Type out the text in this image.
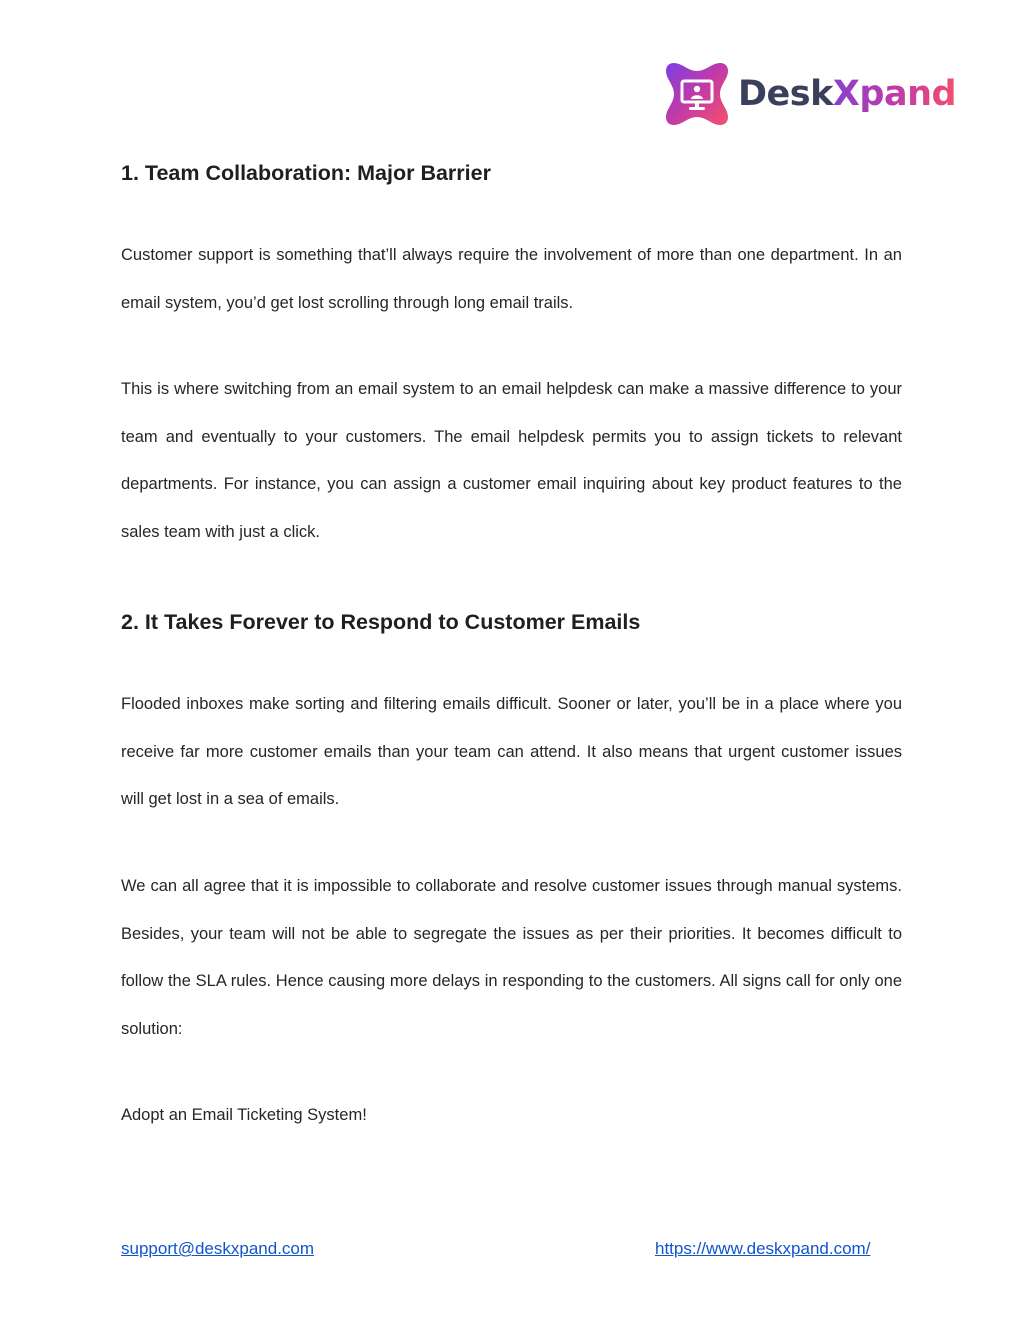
DeskXpand
1. Team Collaboration: Major Barrier

Customer support is something that’ll always require the involvement of more than one department. In an email system, you’d get lost scrolling through long email trails.

This is where switching from an email system to an email helpdesk can make a massive difference to your team and eventually to your customers. The email helpdesk permits you to assign tickets to relevant departments. For instance, you can assign a customer email inquiring about key product features to the sales team with just a click.

2. It Takes Forever to Respond to Customer Emails

Flooded inboxes make sorting and filtering emails difficult. Sooner or later, you’ll be in a place where you receive far more customer emails than your team can attend. It also means that urgent customer issues will get lost in a sea of emails.

We can all agree that it is impossible to collaborate and resolve customer issues through manual systems. Besides, your team will not be able to segregate the issues as per their priorities. It becomes difficult to follow the SLA rules. Hence causing more delays in responding to the customers. All signs call for only one solution:

Adopt an Email Ticketing System!

support@deskxpand.com	https://www.deskxpand.com/
